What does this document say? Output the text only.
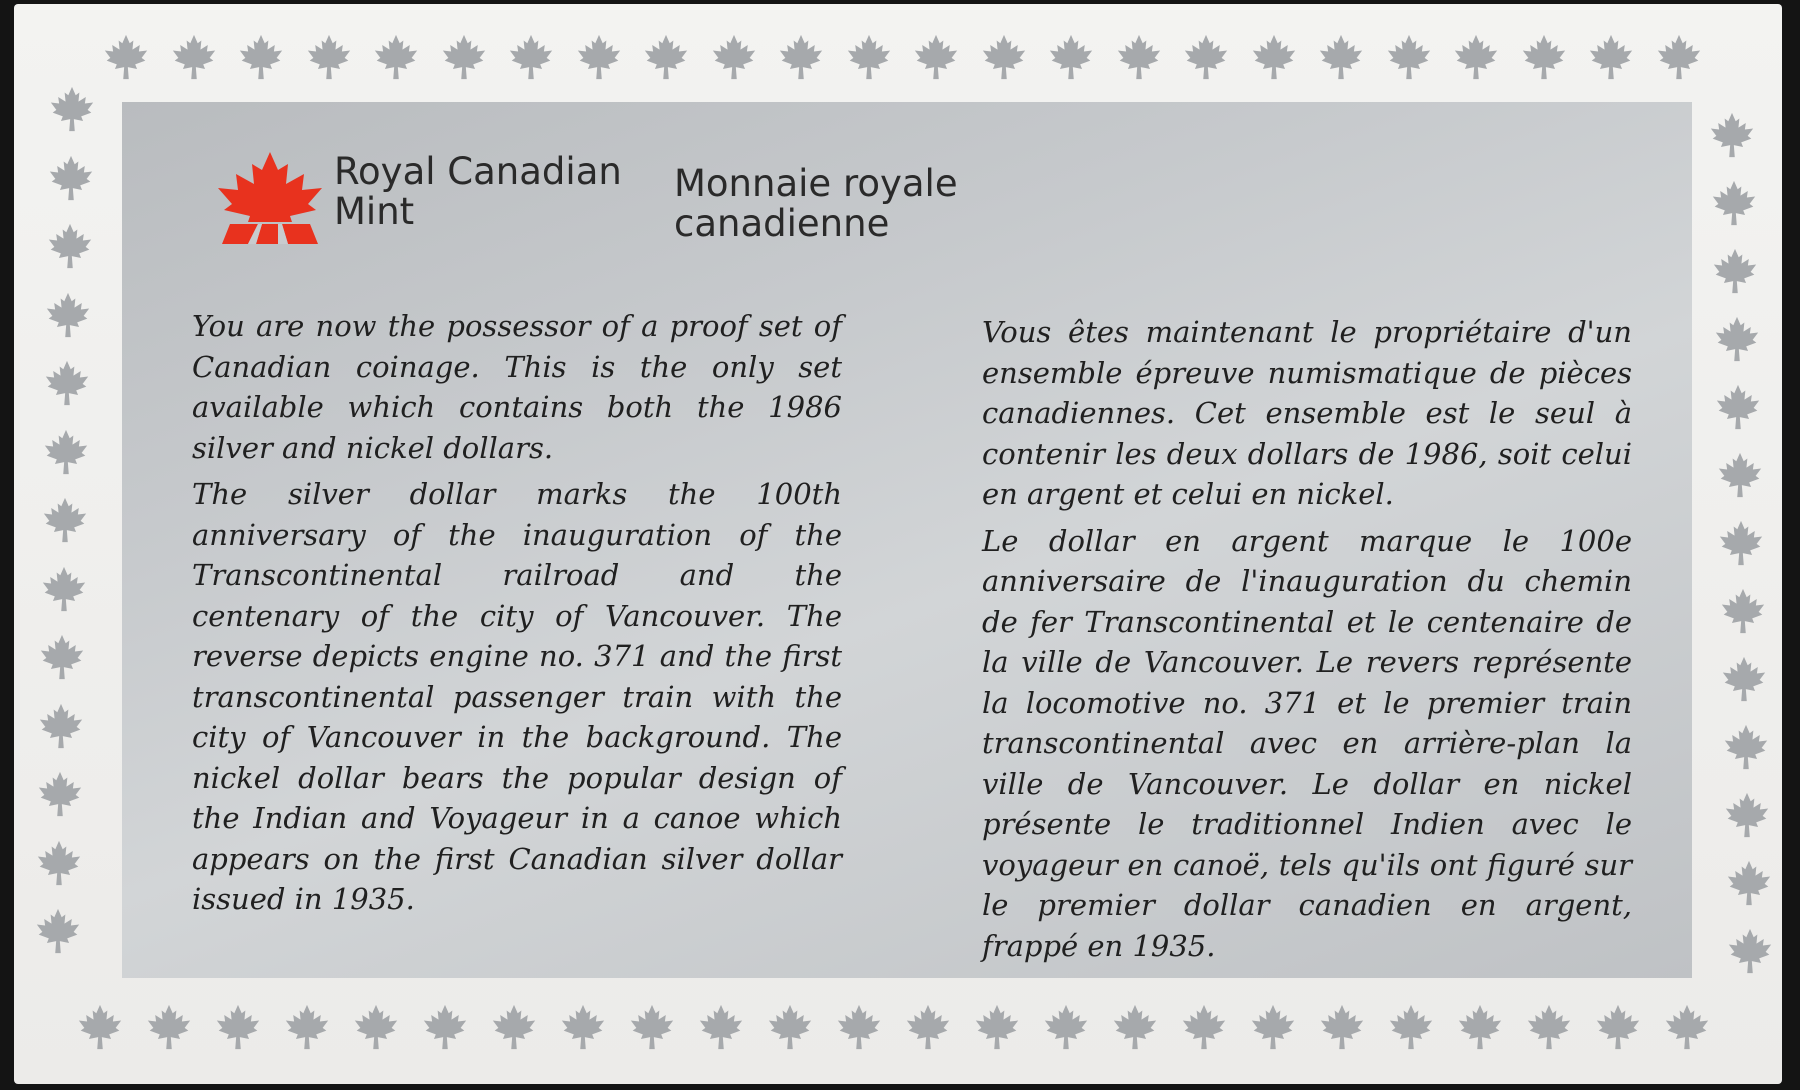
Royal Canadian
Mint
Monnaie royale
canadienne

You are now the possessor of a proof set of Canadian coinage. This is the only set available which contains both the 1986 silver and nickel dollars.

The silver dollar marks the 100th anniversary of the inauguration of the Transcontinental railroad and the centenary of the city of Vancouver. The reverse depicts engine no. 371 and the first transcontinental passenger train with the city of Vancouver in the background. The nickel dollar bears the popular design of the Indian and Voyageur in a canoe which appears on the first Canadian silver dollar issued in 1935.

Vous êtes maintenant le propriétaire d'un ensemble épreuve numismatique de pièces canadiennes. Cet ensemble est le seul à contenir les deux dollars de 1986, soit celui en argent et celui en nickel.

Le dollar en argent marque le 100e anniversaire de l'inauguration du chemin de fer Transcontinental et le centenaire de la ville de Vancouver. Le revers représente la locomotive no. 371 et le premier train transcontinental avec en arrière-plan la ville de Vancouver. Le dollar en nickel présente le traditionnel Indien avec le voyageur en canoë, tels qu'ils ont figuré sur le premier dollar canadien en argent, frappé en 1935.
